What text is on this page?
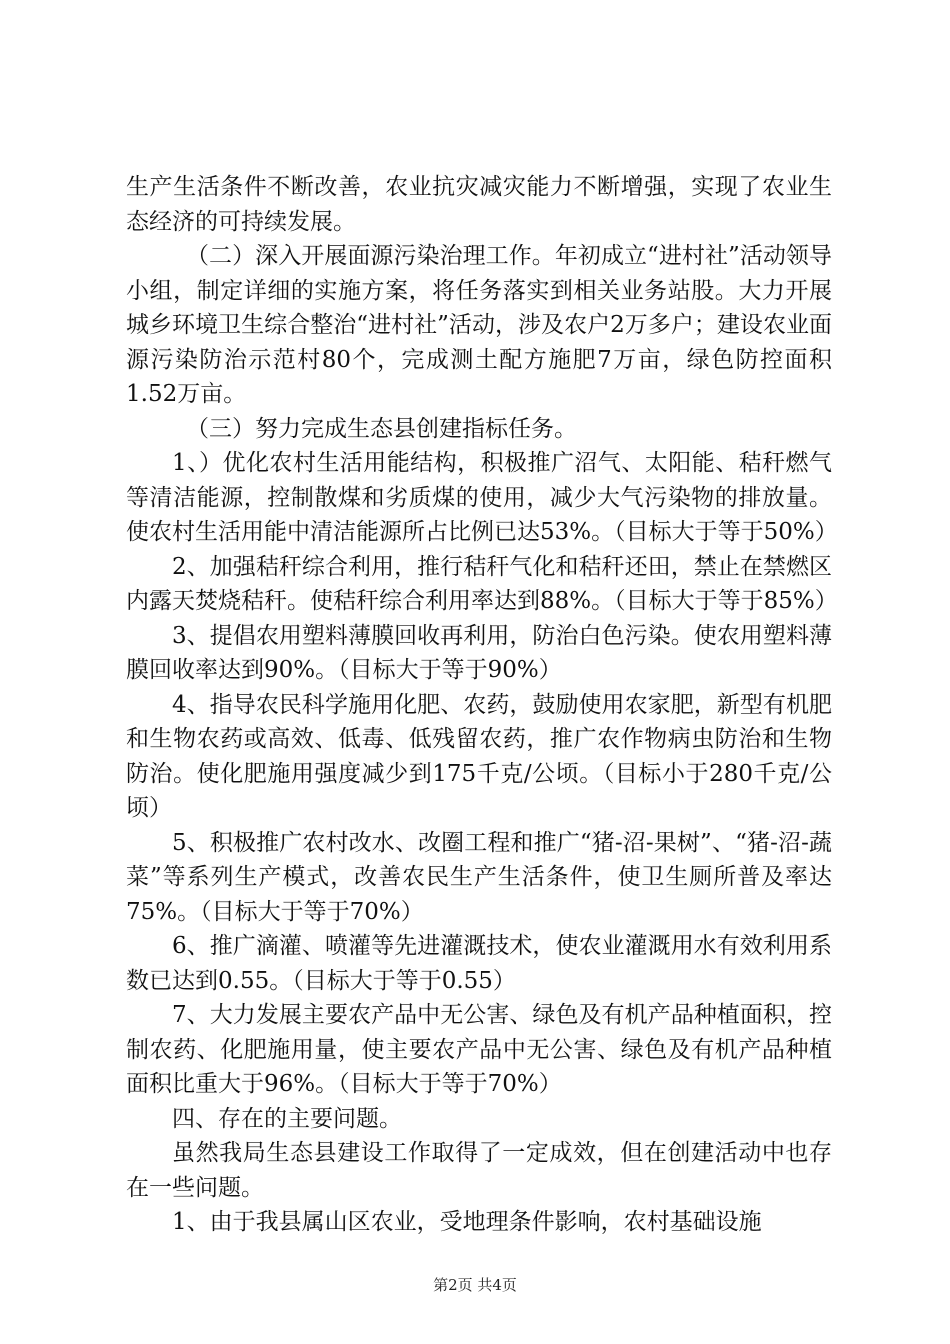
生产生活条件不断改善，农业抗灾减灾能力不断增强，实现了农业生态经济的可持续发展。

（二）深入开展面源污染治理工作。年初成立“进村社”活动领导小组，制定详细的实施方案，将任务落实到相关业务站股。大力开展城乡环境卫生综合整治“进村社”活动，涉及农户2万多户；建设农业面源污染防治示范村80个，完成测土配方施肥7万亩，绿色防控面积1.52万亩。

（三）努力完成生态县创建指标任务。

1、）优化农村生活用能结构，积极推广沼气、太阳能、秸秆燃气等清洁能源，控制散煤和劣质煤的使用，减少大气污染物的排放量。使农村生活用能中清洁能源所占比例已达53%。（目标大于等于50%）

2、加强秸秆综合利用，推行秸秆气化和秸秆还田，禁止在禁燃区内露天焚烧秸秆。使秸秆综合利用率达到88%。（目标大于等于85%）

3、提倡农用塑料薄膜回收再利用，防治白色污染。使农用塑料薄膜回收率达到90%。（目标大于等于90%）

4、指导农民科学施用化肥、农药，鼓励使用农家肥，新型有机肥和生物农药或高效、低毒、低残留农药，推广农作物病虫防治和生物防治。使化肥施用强度减少到175千克/公顷。（目标小于280千克/公顷）

5、积极推广农村改水、改圈工程和推广“猪-沼-果树”、“猪-沼-蔬菜”等系列生产模式，改善农民生产生活条件，使卫生厕所普及率达75%。（目标大于等于70%）

6、推广滴灌、喷灌等先进灌溉技术，使农业灌溉用水有效利用系数已达到0.55。（目标大于等于0.55）

7、大力发展主要农产品中无公害、绿色及有机产品种植面积，控制农药、化肥施用量，使主要农产品中无公害、绿色及有机产品种植面积比重大于96%。（目标大于等于70%）

四、存在的主要问题。

虽然我局生态县建设工作取得了一定成效，但在创建活动中也存在一些问题。

1、由于我县属山区农业，受地理条件影响，农村基础设施

第2页 共4页
